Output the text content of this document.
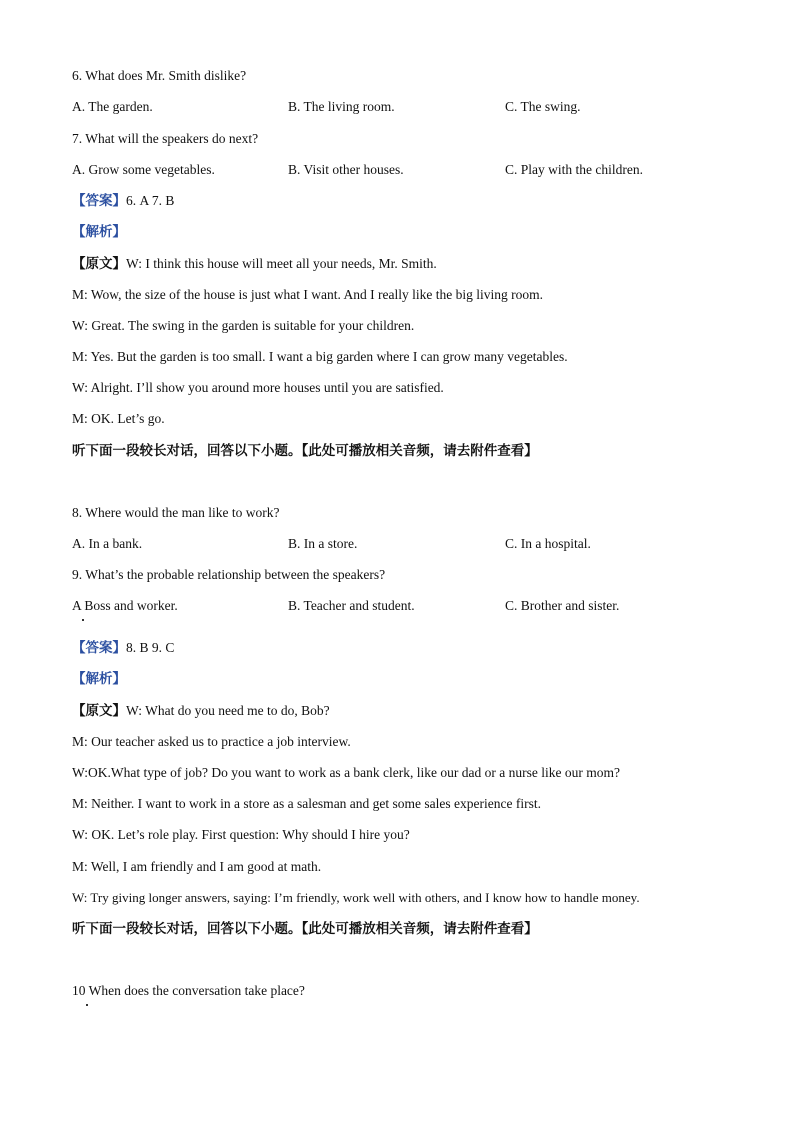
6. What does Mr. Smith dislike?
A. The garden.	B. The living room.	C. The swing.
7. What will the speakers do next?
A. Grow some vegetables.	B. Visit other houses.	C. Play with the children.
【答案】6. A 7. B
【解析】
【原文】W: I think this house will meet all your needs, Mr. Smith.
M: Wow, the size of the house is just what I want. And I really like the big living room.
W: Great. The swing in the garden is suitable for your children.
M: Yes. But the garden is too small. I want a big garden where I can grow many vegetables.
W: Alright. I’ll show you around more houses until you are satisfied.
M: OK. Let’s go.
听下面一段较长对话，回答以下小题。【此处可播放相关音频，请去附件查看】
8. Where would the man like to work?
A. In a bank.	B. In a store.	C. In a hospital.
9. What’s the probable relationship between the speakers?
A Boss and worker.	B. Teacher and student.	C. Brother and sister.
【答案】8. B 9. C
【解析】
【原文】W: What do you need me to do, Bob?
M: Our teacher asked us to practice a job interview.
W:OK.What type of job? Do you want to work as a bank clerk, like our dad or a nurse like our mom?
M: Neither. I want to work in a store as a salesman and get some sales experience first.
W: OK. Let’s role play. First question: Why should I hire you?
M: Well, I am friendly and I am good at math.
W: Try giving longer answers, saying: I’m friendly, work well with others, and I know how to handle money.
听下面一段较长对话，回答以下小题。【此处可播放相关音频，请去附件查看】
10 When does the conversation take place?
